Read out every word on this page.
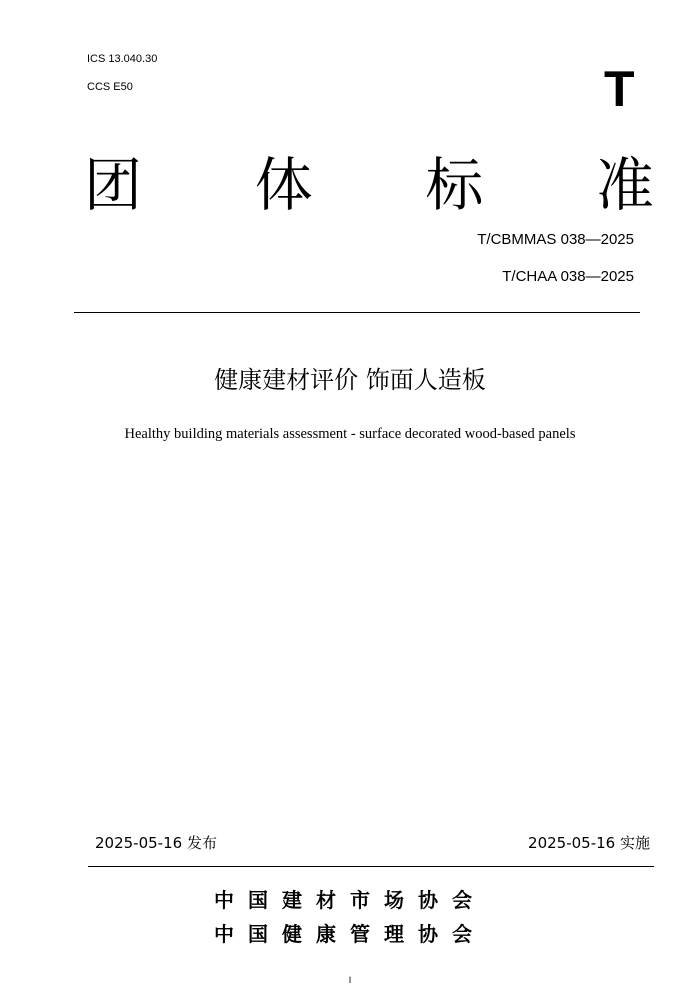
ICS 13.040.30
CCS E50	T
团 体 标 准
T/CBMMAS 038—2025
T/CHAA 038—2025
健康建材评价 饰面人造板
Healthy building materials assessment - surface decorated wood-based panels
2025-05-16 发布	2025-05-16 实施
中国建材市场协会
中国健康管理协会
I
